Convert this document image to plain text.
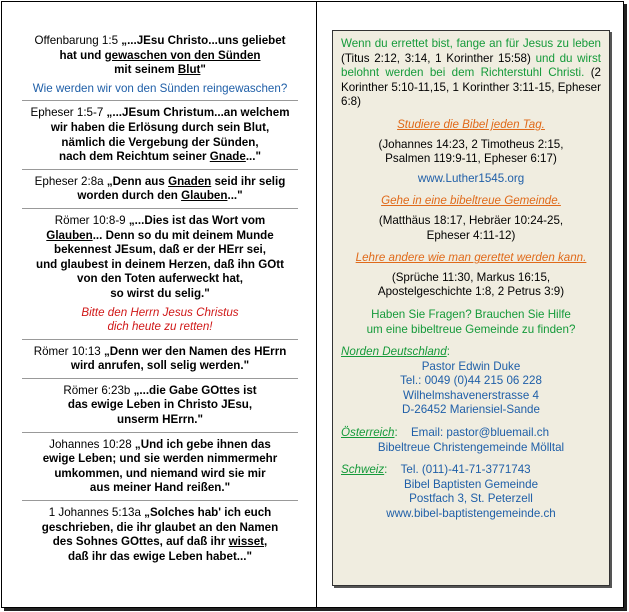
Offenbarung 1:5 „...JEsu Christo...uns geliebet
hat und gewaschen von den Sünden
mit seinem Blut"

Wie werden wir von den Sünden reingewaschen?

Epheser 1:5-7 „...JEsum Christum...an welchem
wir haben die Erlösung durch sein Blut,
nämlich die Vergebung der Sünden,
nach dem Reichtum seiner Gnade..."

Epheser 2:8a „Denn aus Gnaden seid ihr selig
worden durch den Glauben..."

Römer 10:8-9 „...Dies ist das Wort vom
Glauben... Denn so du mit deinem Munde
bekennest JEsum, daß er der HErr sei,
und glaubest in deinem Herzen, daß ihn GOtt
von den Toten auferweckt hat,
so wirst du selig."

Bitte den Herrn Jesus Christus
dich heute zu retten!

Römer 10:13 „Denn wer den Namen des HErrn
wird anrufen, soll selig werden."

Römer 6:23b „...die Gabe GOttes ist
das ewige Leben in Christo JEsu,
unserm HErrn."

Johannes 10:28 „Und ich gebe ihnen das
ewige Leben; und sie werden nimmermehr
umkommen, und niemand wird sie mir
aus meiner Hand reißen."

1 Johannes 5:13a „Solches hab' ich euch
geschrieben, die ihr glaubet an den Namen
des Sohnes GOttes, auf daß ihr wisset,
daß ihr das ewige Leben habet..."

Wenn du errettet bist, fange an für Jesus zu leben (Titus 2:12, 3:14, 1 Korinther 15:58) und du wirst belohnt werden bei dem Richterstuhl Christi. (2 Korinther 5:10-11,15, 1 Korinther 3:11-15, Epheser 6:8)

Studiere die Bibel jeden Tag.

(Johannes 14:23, 2 Timotheus 2:15,
Psalmen 119:9-11, Epheser 6:17)

www.Luther1545.org

Gehe in eine bibeltreue Gemeinde.

(Matthäus 18:17, Hebräer 10:24-25,
Epheser 4:11-12)

Lehre andere wie man gerettet werden kann.

(Sprüche 11:30, Markus 16:15,
Apostelgeschichte 1:8, 2 Petrus 3:9)

Haben Sie Fragen? Brauchen Sie Hilfe
um eine bibeltreue Gemeinde zu finden?

Norden Deutschland:

Pastor Edwin Duke
Tel.: 0049 (0)44 215 06 228
Wilhelmshavenerstrasse 4
D-26452 Mariensiel-Sande

Österreich: Email: pastor@bluemail.ch

Bibeltreue Christengemeinde Mölltal

Schweiz: Tel. (011)-41-71-3771743

Bibel Baptisten Gemeinde
Postfach 3, St. Peterzell
www.bibel-baptistengemeinde.ch
